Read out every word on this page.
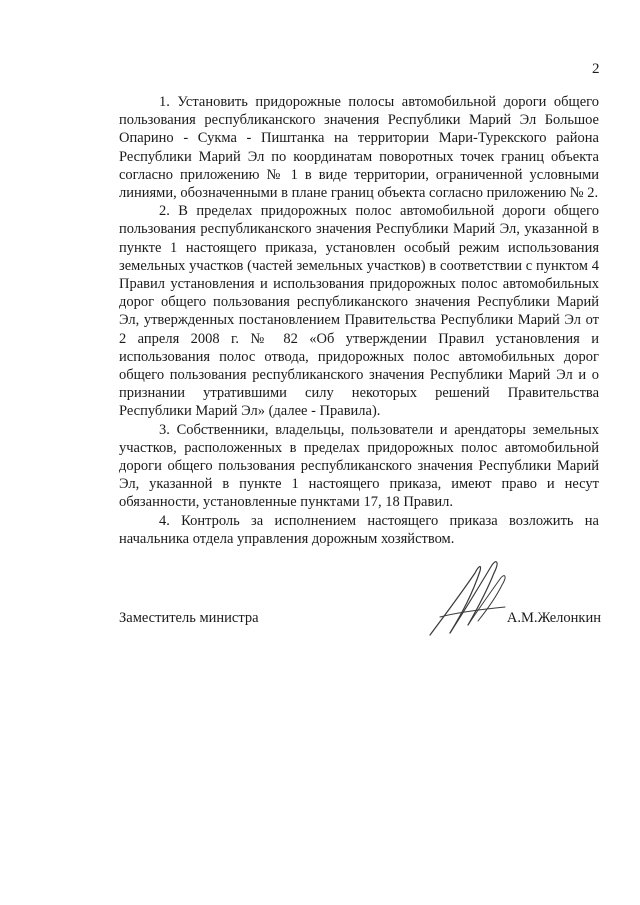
2

1. Установить придорожные полосы автомобильной дороги общего пользования республиканского значения Республики Марий Эл Большое Опарино - Сукма - Пиштанка на территории Мари-Турекского района Республики Марий Эл по координатам поворотных точек границ объекта согласно приложению № 1 в виде территории, ограниченной условными линиями, обозначенными в плане границ объекта согласно приложению № 2.

2. В пределах придорожных полос автомобильной дороги общего пользования республиканского значения Республики Марий Эл, указанной в пункте 1 настоящего приказа, установлен особый режим использования земельных участков (частей земельных участков) в соответствии с пунктом 4 Правил установления и использования придорожных полос автомобильных дорог общего пользования республиканского значения Республики Марий Эл, утвержденных постановлением Правительства Республики Марий Эл от 2 апреля 2008 г. № 82 «Об утверждении Правил установления и использования полос отвода, придорожных полос автомобильных дорог общего пользования республиканского значения Республики Марий Эл и о признании утратившими силу некоторых решений Правительства Республики Марий Эл» (далее - Правила).

3. Собственники, владельцы, пользователи и арендаторы земельных участков, расположенных в пределах придорожных полос автомобильной дороги общего пользования республиканского значения Республики Марий Эл, указанной в пункте 1 настоящего приказа, имеют право и несут обязанности, установленные пунктами 17, 18 Правил.

4. Контроль за исполнением настоящего приказа возложить на начальника отдела управления дорожным хозяйством.

Заместитель министра	А.М.Желонкин
